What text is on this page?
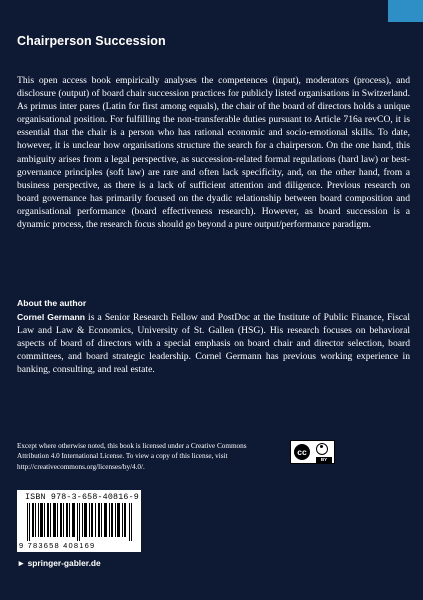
Chairperson Succession

This open access book empirically analyses the competences (input), moderators (process), and disclosure (output) of board chair succession practices for publicly listed organisations in Switzerland. As primus inter pares (Latin for first among equals), the chair of the board of directors holds a unique organisational position. For fulfilling the non-transferable duties pursuant to Article 716a revCO, it is essential that the chair is a person who has rational economic and socio-emotional skills. To date, however, it is unclear how organisations structure the search for a chairperson. On the one hand, this ambiguity arises from a legal perspective, as succession-related formal regulations (hard law) or best-governance principles (soft law) are rare and often lack specificity, and, on the other hand, from a business perspective, as there is a lack of sufficient attention and diligence. Previous research on board governance has primarily focused on the dyadic relationship between board composition and organisational performance (board effectiveness research). However, as board succession is a dynamic process, the research focus should go beyond a pure output/performance paradigm.

About the author
Cornel Germann is a Senior Research Fellow and PostDoc at the Institute of Public Finance, Fiscal Law and Law & Economics, University of St. Gallen (HSG). His research focuses on behavioral aspects of board of directors with a special emphasis on board chair and director selection, board committees, and board strategic leadership. Cornel Germann has previous working experience in banking, consulting, and real estate.
Except where otherwise noted, this book is licensed under a Creative Commons Attribution 4.0 International License. To view a copy of this license, visit http://creativecommons.org/licenses/by/4.0/.
cc
BY
ISBN 978-3-658-40816-9
9 783658 408169
► springer-gabler.de
